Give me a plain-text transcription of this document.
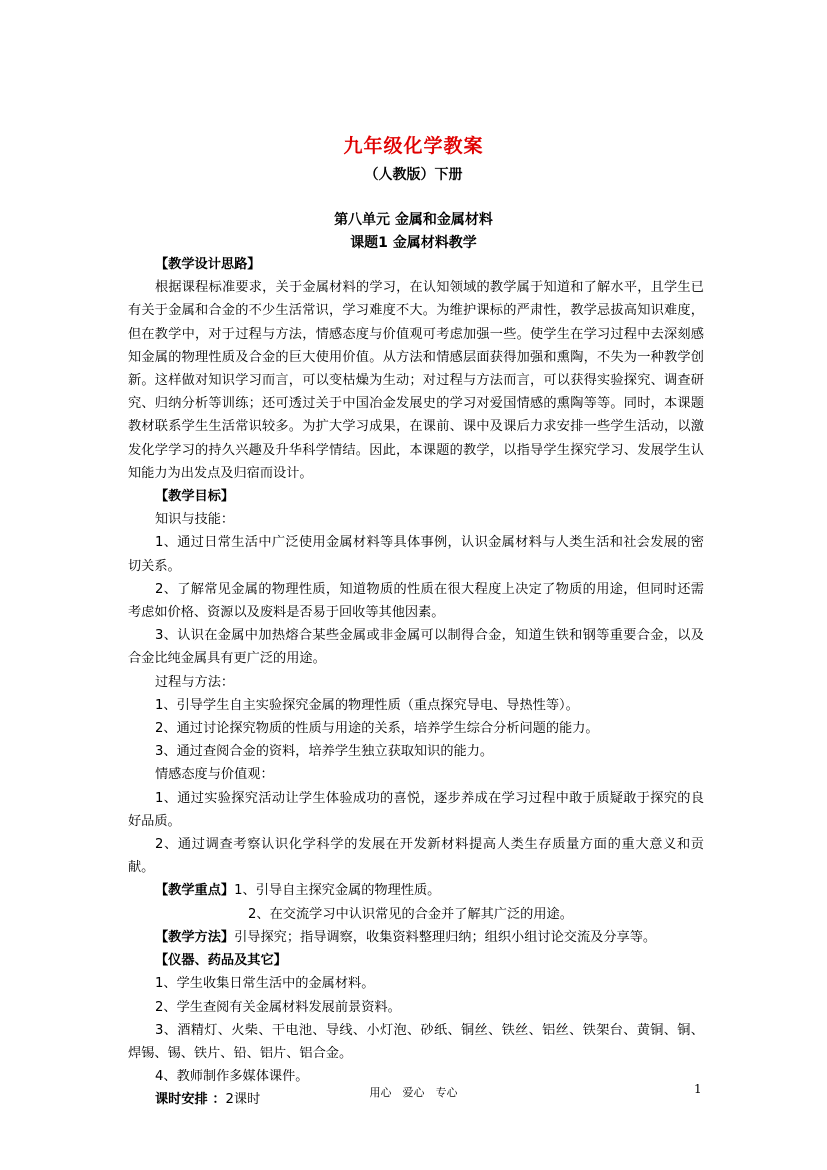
九年级化学教案
（人教版）下册
第八单元 金属和金属材料
课题1 金属材料教学

【教学设计思路】

根据课程标准要求，关于金属材料的学习，在认知领域的教学属于知道和了解水平，且学生已有关于金属和合金的不少生活常识，学习难度不大。为维护课标的严肃性，教学忌拔高知识难度，但在教学中，对于过程与方法，情感态度与价值观可考虑加强一些。使学生在学习过程中去深刻感知金属的物理性质及合金的巨大使用价值。从方法和情感层面获得加强和熏陶，不失为一种教学创新。这样做对知识学习而言，可以变枯燥为生动；对过程与方法而言，可以获得实验探究、调查研究、归纳分析等训练；还可透过关于中国冶金发展史的学习对爱国情感的熏陶等等。同时，本课题教材联系学生生活常识较多。为扩大学习成果，在课前、课中及课后力求安排一些学生活动，以激发化学学习的持久兴趣及升华科学情结。因此，本课题的教学，以指导学生探究学习、发展学生认知能力为出发点及归宿而设计。

【教学目标】

知识与技能：

1、通过日常生活中广泛使用金属材料等具体事例，认识金属材料与人类生活和社会发展的密切关系。

2、了解常见金属的物理性质，知道物质的性质在很大程度上决定了物质的用途，但同时还需考虑如价格、资源以及废料是否易于回收等其他因素。

3、认识在金属中加热熔合某些金属或非金属可以制得合金，知道生铁和钢等重要合金，以及合金比纯金属具有更广泛的用途。

过程与方法：

1、引导学生自主实验探究金属的物理性质（重点探究导电、导热性等）。

2、通过讨论探究物质的性质与用途的关系，培养学生综合分析问题的能力。

3、通过查阅合金的资料，培养学生独立获取知识的能力。

情感态度与价值观：

1、通过实验探究活动让学生体验成功的喜悦，逐步养成在学习过程中敢于质疑敢于探究的良好品质。

2、通过调查考察认识化学科学的发展在开发新材料提高人类生存质量方面的重大意义和贡献。

【教学重点】1、引导自主探究金属的物理性质。

2、在交流学习中认识常见的合金并了解其广泛的用途。

【教学方法】引导探究；指导调察，收集资料整理归纳；组织小组讨论交流及分享等。

【仪器、药品及其它】

1、学生收集日常生活中的金属材料。

2、学生查阅有关金属材料发展前景资料。

3、酒精灯、火柴、干电池、导线、小灯泡、砂纸、铜丝、铁丝、铝丝、铁架台、黄铜、铜、焊锡、锡、铁片、铅、铝片、铝合金。

4、教师制作多媒体课件。

课时安排 ：2课时	用心　爱心　专心	1
